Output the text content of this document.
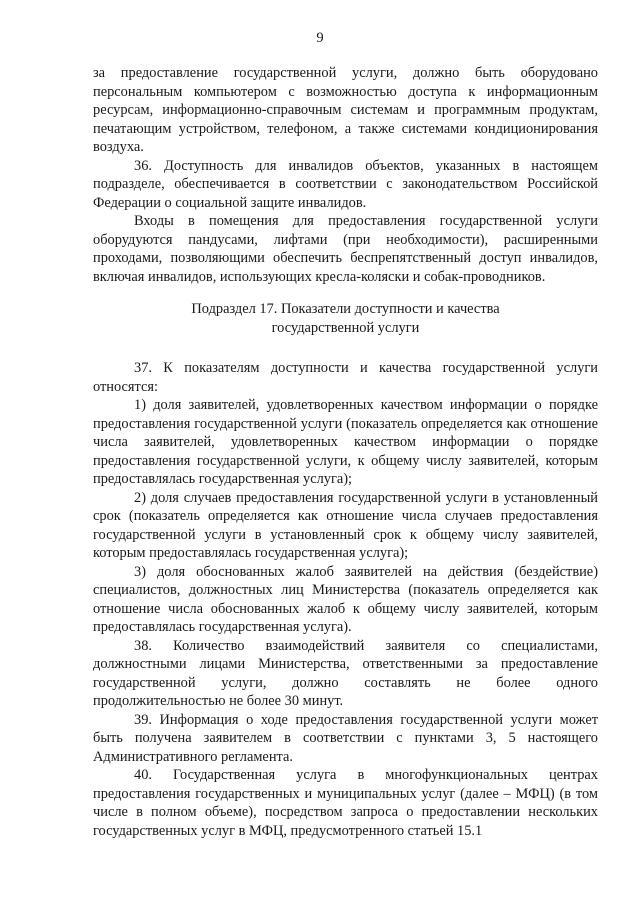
9

за предоставление государственной услуги, должно быть оборудовано персональным компьютером с возможностью доступа к информационным ресурсам, информационно-справочным системам и программным продуктам, печатающим устройством, телефоном, а также системами кондиционирования воздуха.

36. Доступность для инвалидов объектов, указанных в настоящем подразделе, обеспечивается в соответствии с законодательством Российской Федерации о социальной защите инвалидов.

Входы в помещения для предоставления государственной услуги оборудуются пандусами, лифтами (при необходимости), расширенными проходами, позволяющими обеспечить беспрепятственный доступ инвалидов, включая инвалидов, использующих кресла-коляски и собак-проводников.

Подраздел 17. Показатели доступности и качества
государственной услуги

37. К показателям доступности и качества государственной услуги относятся:

1) доля заявителей, удовлетворенных качеством информации о порядке предоставления государственной услуги (показатель определяется как отношение числа заявителей, удовлетворенных качеством информации о порядке предоставления государственной услуги, к общему числу заявителей, которым предоставлялась государственная услуга);

2) доля случаев предоставления государственной услуги в установленный срок (показатель определяется как отношение числа случаев предоставления государственной услуги в установленный срок к общему числу заявителей, которым предоставлялась государственная услуга);

3) доля обоснованных жалоб заявителей на действия (бездействие) специалистов, должностных лиц Министерства (показатель определяется как отношение числа обоснованных жалоб к общему числу заявителей, которым предоставлялась государственная услуга).

38. Количество взаимодействий заявителя со специалистами, должностными лицами Министерства, ответственными за предоставление государственной услуги, должно составлять не более одного продолжительностью не более 30 минут.

39. Информация о ходе предоставления государственной услуги может быть получена заявителем в соответствии с пунктами 3, 5 настоящего Административного регламента.

40. Государственная услуга в многофункциональных центрах предоставления государственных и муниципальных услуг (далее – МФЦ) (в том числе в полном объеме), посредством запроса о предоставлении нескольких государственных услуг в МФЦ, предусмотренного статьей 15.1
